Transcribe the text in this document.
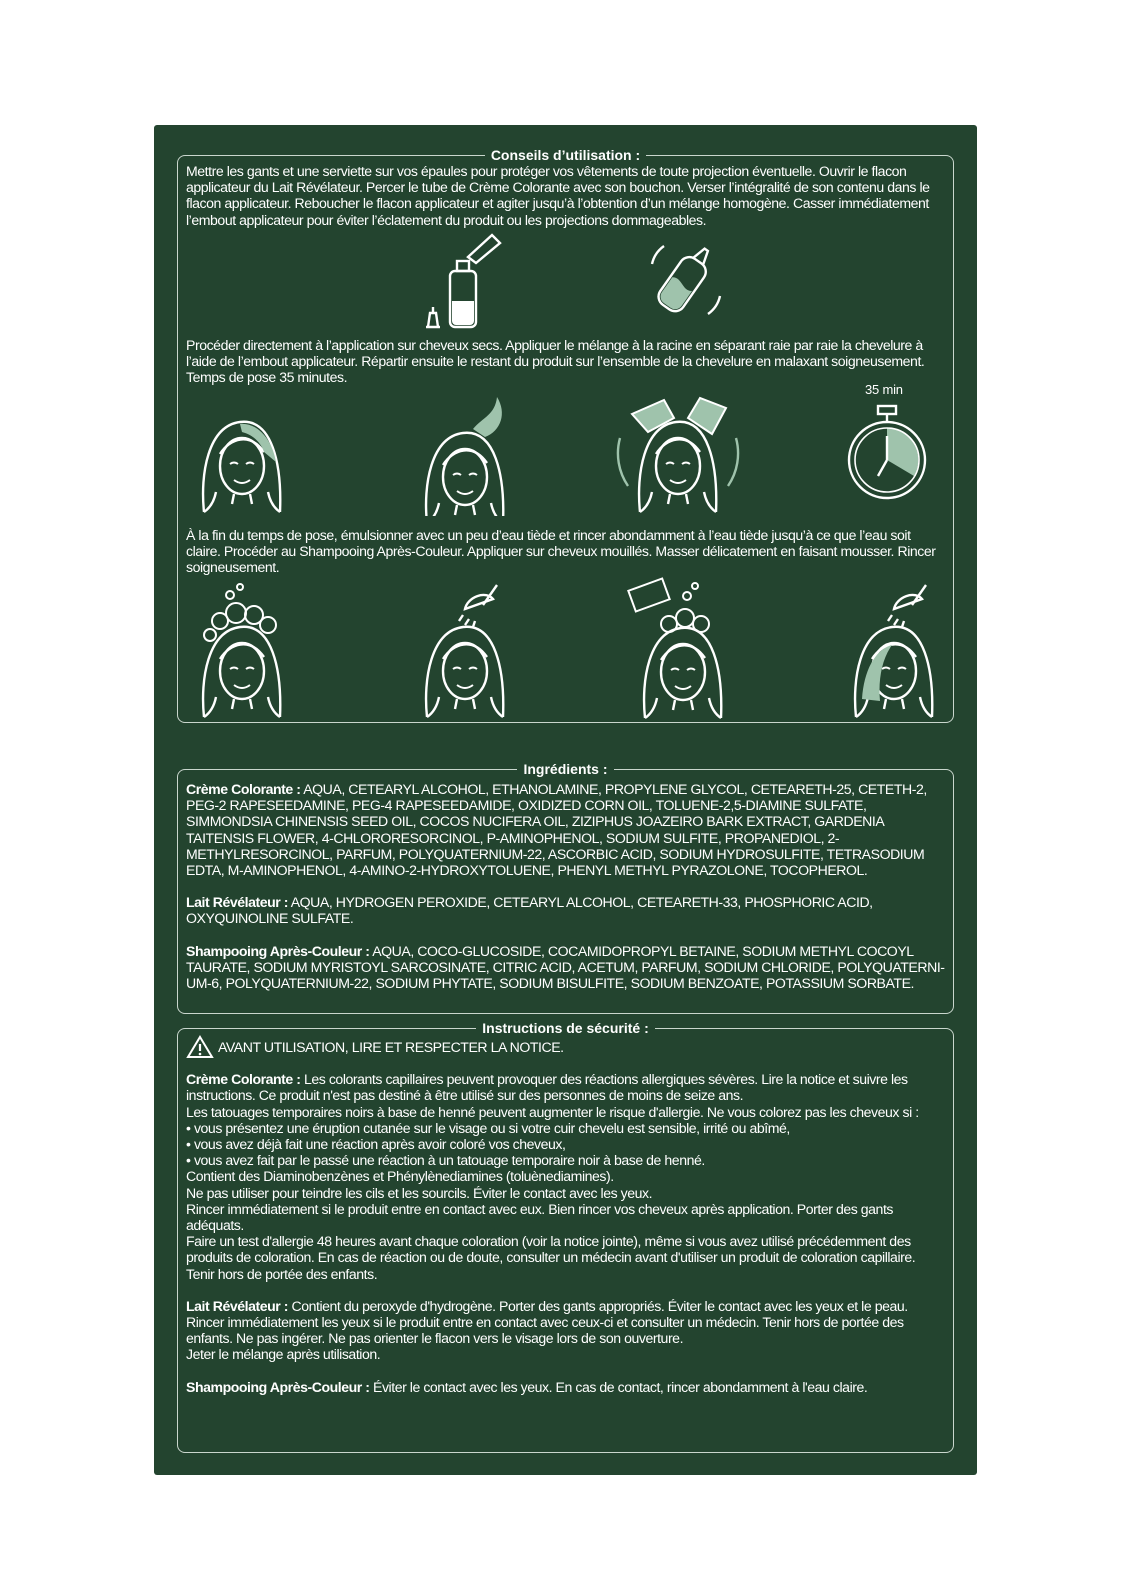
Conseils d’utilisation :
Mettre les gants et une serviette sur vos épaules pour protéger vos vêtements de toute projection éventuelle. Ouvrir le flacon applicateur du Lait Révélateur. Percer le tube de Crème Colorante avec son bouchon. Verser l’intégralité de son contenu dans le flacon applicateur. Reboucher le flacon applicateur et agiter jusqu’à l’obtention d’un mélange homogène. Casser immédiatement l’embout applicateur pour éviter l’éclatement du produit ou les projections dommageables.
Procéder directement à l’application sur cheveux secs. Appliquer le mélange à la racine en séparant raie par raie la chevelure à l’aide de l’embout applicateur. Répartir ensuite le restant du produit sur l’ensemble de la chevelure en malaxant soigneusement. Temps de pose 35 minutes.
35 min
À la fin du temps de pose, émulsionner avec un peu d’eau tiède et rincer abondamment à l’eau tiède jusqu’à ce que l’eau soit claire. Procéder au Shampooing Après-Couleur. Appliquer sur cheveux mouillés. Masser délicatement en faisant mousser. Rincer soigneusement.
Ingrédients :

Crème Colorante : AQUA, CETEARYL ALCOHOL, ETHANOLAMINE, PROPYLENE GLYCOL, CETEARETH-25, CETETH-2, PEG-2 RAPESEEDAMINE, PEG-4 RAPESEEDAMIDE, OXIDIZED CORN OIL, TOLUENE-2,5-DIAMINE SULFATE, SIMMONDSIA CHINENSIS SEED OIL, COCOS NUCIFERA OIL, ZIZIPHUS JOAZEIRO BARK EXTRACT, GARDENIA TAITENSIS FLOWER, 4-CHLORORESORCINOL, P-AMINOPHENOL, SODIUM SULFITE, PROPANEDIOL, 2-METHYLRESORCINOL, PARFUM, POLYQUATERNIUM-22, ASCORBIC ACID, SODIUM HYDROSULFITE, TETRASODIUM EDTA, M-AMINOPHENOL, 4-AMINO-2-HYDROXYTOLUENE, PHENYL METHYL PYRAZOLONE, TOCOPHEROL.

Lait Révélateur : AQUA, HYDROGEN PEROXIDE, CETEARYL ALCOHOL, CETEARETH-33, PHOSPHORIC ACID, OXYQUINOLINE SULFATE.

Shampooing Après-Couleur : AQUA, COCO-GLUCOSIDE, COCAMIDOPROPYL BETAINE, SODIUM METHYL COCOYL TAURATE, SODIUM MYRISTOYL SARCOSINATE, CITRIC ACID, ACETUM, PARFUM, SODIUM CHLORIDE, POLYQUATERNI-UM-6, POLYQUATERNIUM-22, SODIUM PHYTATE, SODIUM BISULFITE, SODIUM BENZOATE, POTASSIUM SORBATE.

Instructions de sécurité :

AVANT UTILISATION, LIRE ET RESPECTER LA NOTICE.

Crème Colorante : Les colorants capillaires peuvent provoquer des réactions allergiques sévères. Lire la notice et suivre les instructions. Ce produit n'est pas destiné à être utilisé sur des personnes de moins de seize ans.

Les tatouages temporaires noirs à base de henné peuvent augmenter le risque d'allergie. Ne vous colorez pas les cheveux si :

• vous présentez une éruption cutanée sur le visage ou si votre cuir chevelu est sensible, irrité ou abîmé,

• vous avez déjà fait une réaction après avoir coloré vos cheveux,

• vous avez fait par le passé une réaction à un tatouage temporaire noir à base de henné.

Contient des Diaminobenzènes et Phénylènediamines (toluènediamines).

Ne pas utiliser pour teindre les cils et les sourcils. Éviter le contact avec les yeux.

Rincer immédiatement si le produit entre en contact avec eux. Bien rincer vos cheveux après application. Porter des gants adéquats.

Faire un test d'allergie 48 heures avant chaque coloration (voir la notice jointe), même si vous avez utilisé précédemment des produits de coloration. En cas de réaction ou de doute, consulter un médecin avant d'utiliser un produit de coloration capillaire.

Tenir hors de portée des enfants.

Lait Révélateur : Contient du peroxyde d'hydrogène. Porter des gants appropriés. Éviter le contact avec les yeux et le peau. Rincer immédiatement les yeux si le produit entre en contact avec ceux-ci et consulter un médecin. Tenir hors de portée des enfants. Ne pas ingérer. Ne pas orienter le flacon vers le visage lors de son ouverture.

Jeter le mélange après utilisation.

Shampooing Après-Couleur : Éviter le contact avec les yeux. En cas de contact, rincer abondamment à l'eau claire.
